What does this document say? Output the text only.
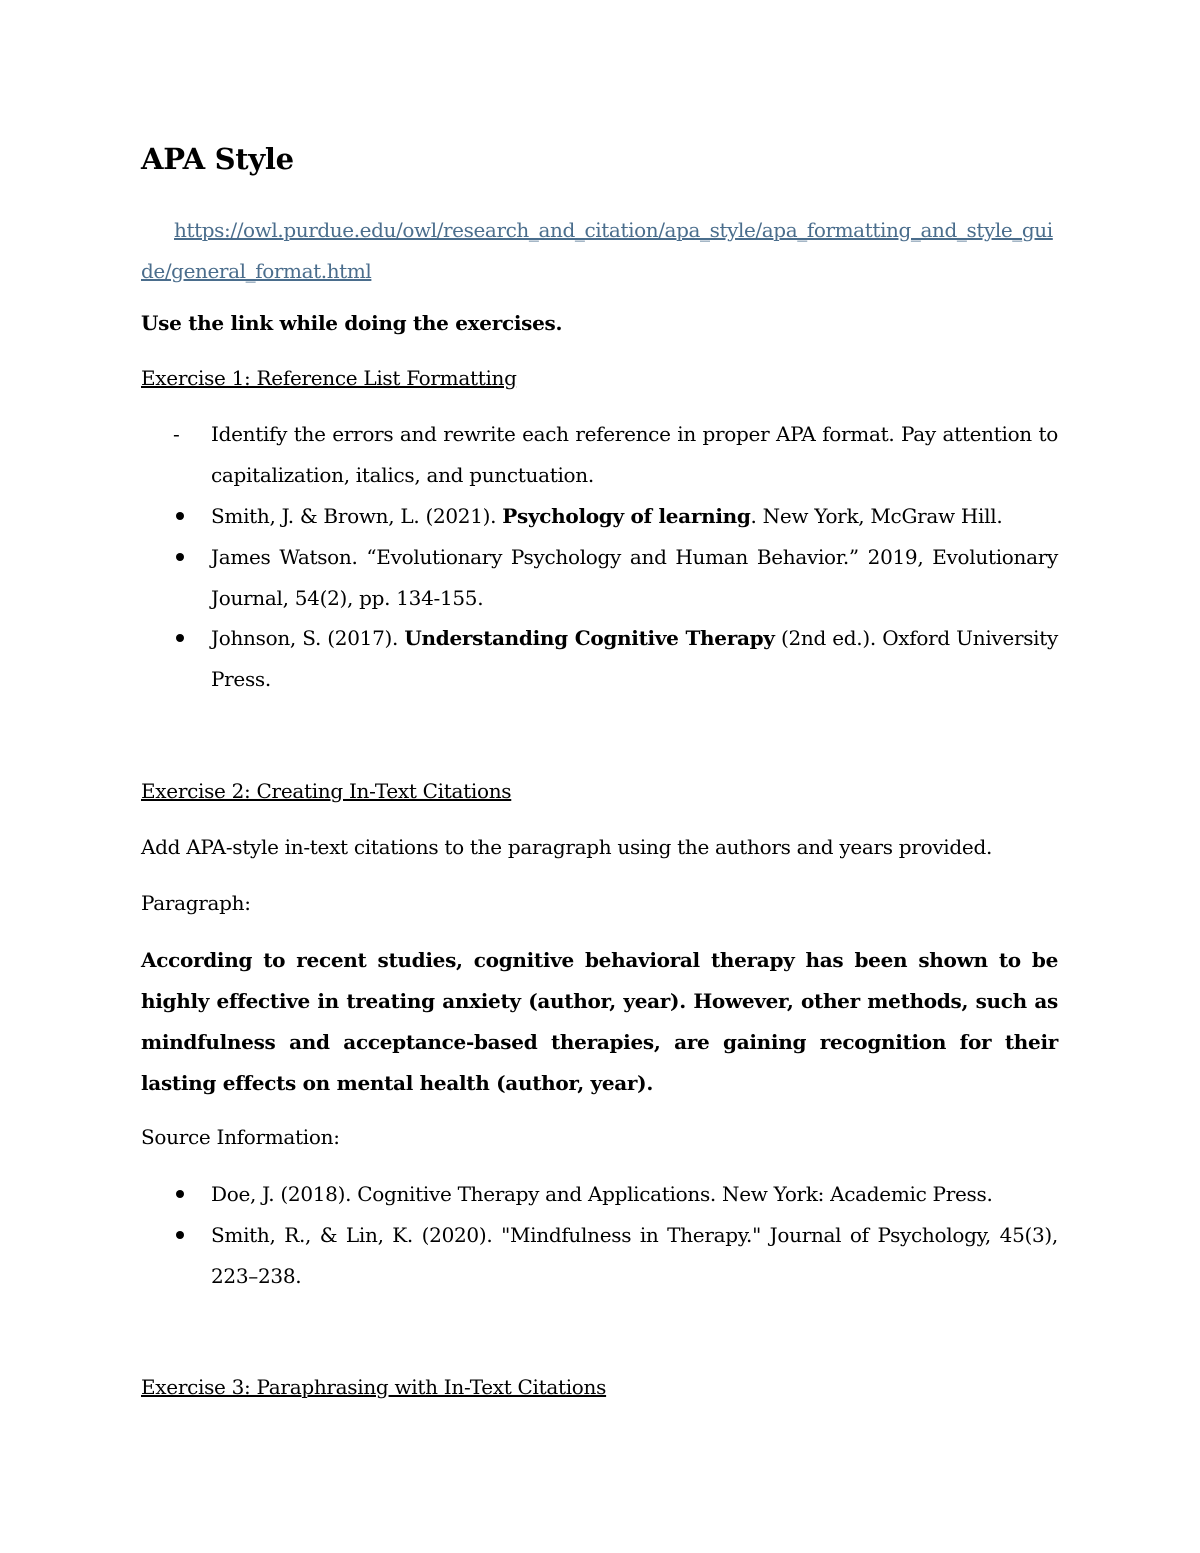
APA Style
https://owl.purdue.edu/owl/research_and_citation/apa_style/apa_formatting_and_style_guide/general_format.html

Use the link while doing the exercises.

Exercise 1: Reference List Formatting

- Identify the errors and rewrite each reference in proper APA format. Pay attention to capitalization, italics, and punctuation.
Smith, J. & Brown, L. (2021). Psychology of learning. New York, McGraw Hill.
James Watson. “Evolutionary Psychology and Human Behavior.” 2019, Evolutionary Journal, 54(2), pp. 134-155.
Johnson, S. (2017). Understanding Cognitive Therapy (2nd ed.). Oxford University Press.

Exercise 2: Creating In-Text Citations

Add APA-style in-text citations to the paragraph using the authors and years provided.

Paragraph:

According to recent studies, cognitive behavioral therapy has been shown to be highly effective in treating anxiety (author, year). However, other methods, such as mindfulness and acceptance-based therapies, are gaining recognition for their lasting effects on mental health (author, year).

Source Information:

Doe, J. (2018). Cognitive Therapy and Applications. New York: Academic Press.
Smith, R., & Lin, K. (2020). "Mindfulness in Therapy." Journal of Psychology, 45(3), 223–238.

Exercise 3: Paraphrasing with In-Text Citations
